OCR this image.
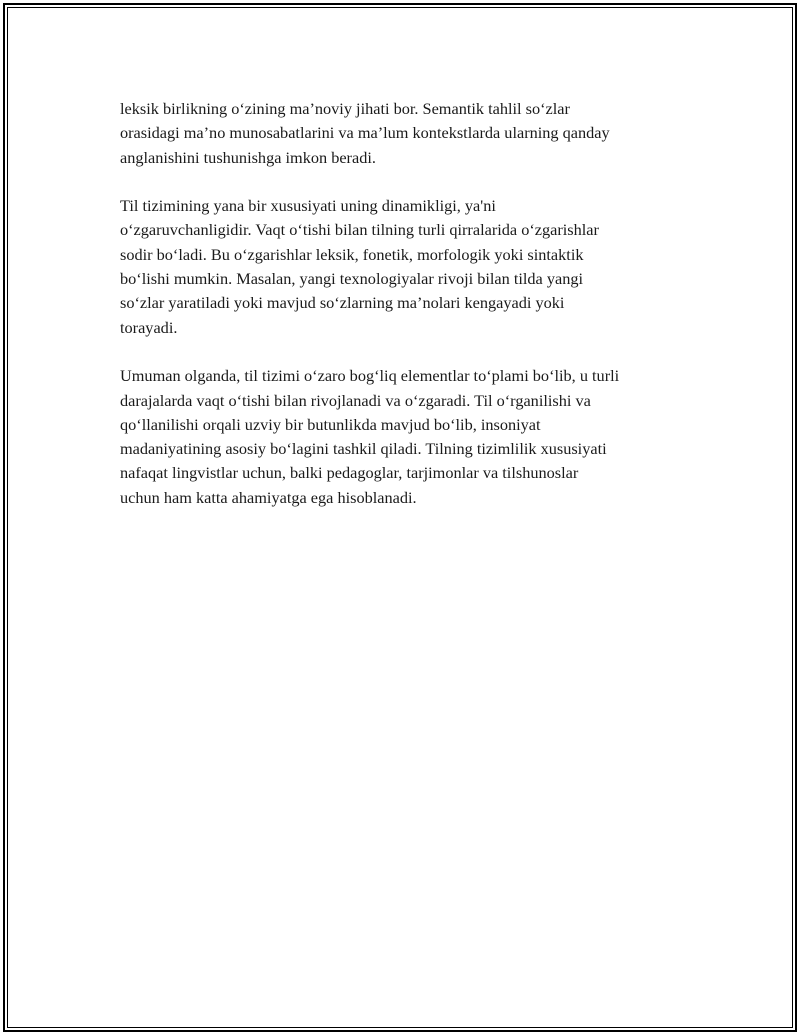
leksik birlikning o‘zining ma’noviy jihati bor. Semantik tahlil so‘zlar
orasidagi ma’no munosabatlarini va ma’lum kontekstlarda ularning qanday
anglanishini tushunishga imkon beradi.

Til tizimining yana bir xususiyati uning dinamikligi, ya'ni
o‘zgaruvchanligidir. Vaqt o‘tishi bilan tilning turli qirralarida o‘zgarishlar
sodir bo‘ladi. Bu o‘zgarishlar leksik, fonetik, morfologik yoki sintaktik
bo‘lishi mumkin. Masalan, yangi texnologiyalar rivoji bilan tilda yangi
so‘zlar yaratiladi yoki mavjud so‘zlarning ma’nolari kengayadi yoki
torayadi.

Umuman olganda, til tizimi o‘zaro bog‘liq elementlar to‘plami bo‘lib, u turli
darajalarda vaqt o‘tishi bilan rivojlanadi va o‘zgaradi. Til o‘rganilishi va
qo‘llanilishi orqali uzviy bir butunlikda mavjud bo‘lib, insoniyat
madaniyatining asosiy bo‘lagini tashkil qiladi. Tilning tizimlilik xususiyati
nafaqat lingvistlar uchun, balki pedagoglar, tarjimonlar va tilshunoslar
uchun ham katta ahamiyatga ega hisoblanadi.
